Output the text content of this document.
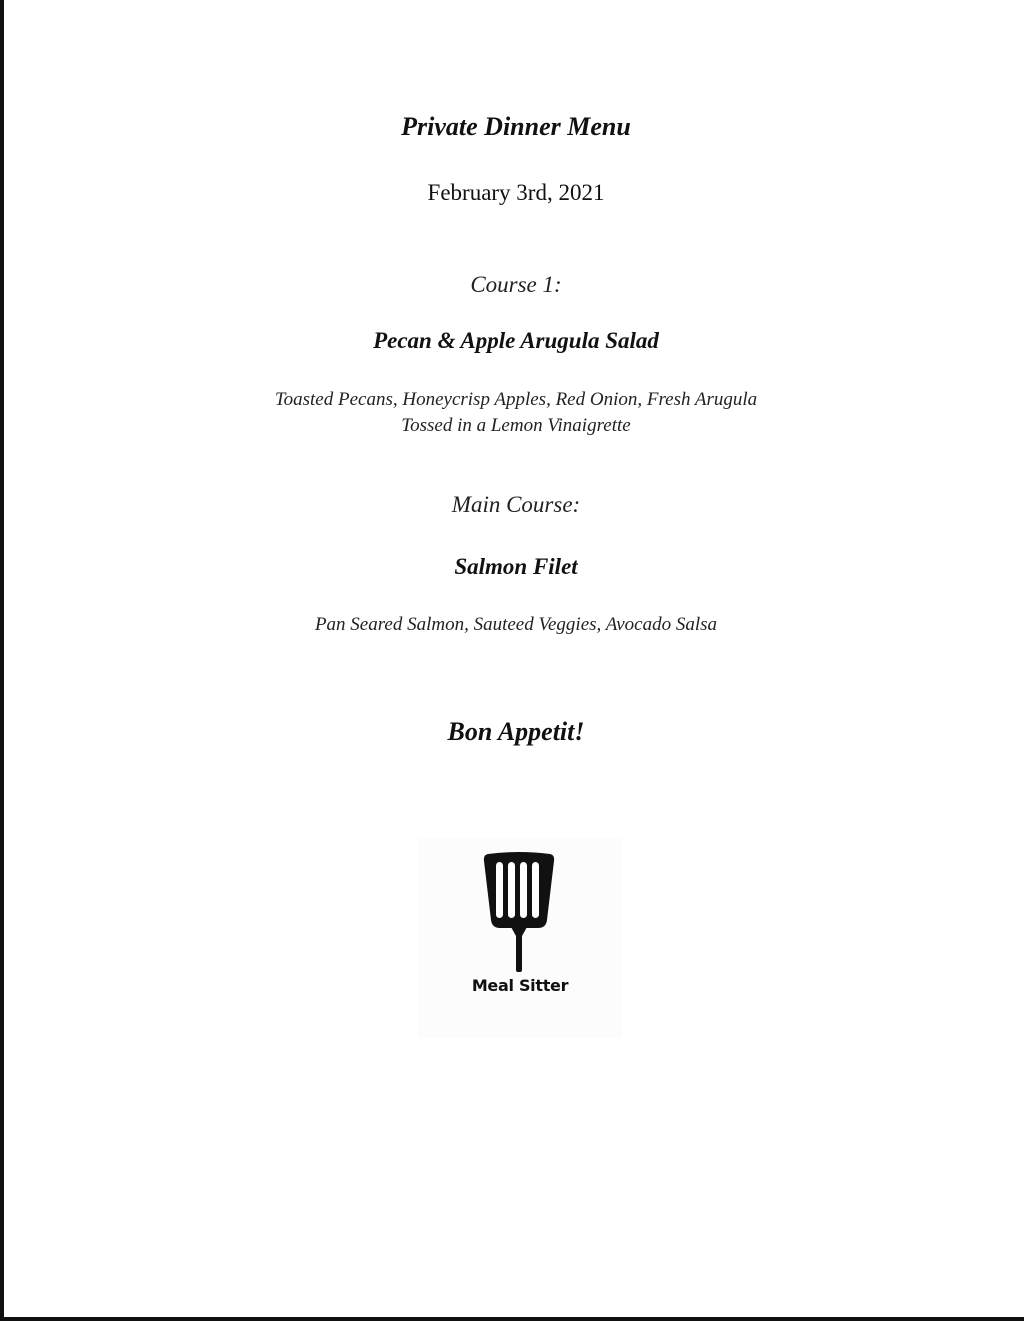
Private Dinner Menu
February 3rd, 2021
Course 1:
Pecan & Apple Arugula Salad
Toasted Pecans, Honeycrisp Apples, Red Onion, Fresh Arugula
Tossed in a Lemon Vinaigrette
Main Course:
Salmon Filet
Pan Seared Salmon, Sauteed Veggies, Avocado Salsa
Bon Appetit!
Meal Sitter
